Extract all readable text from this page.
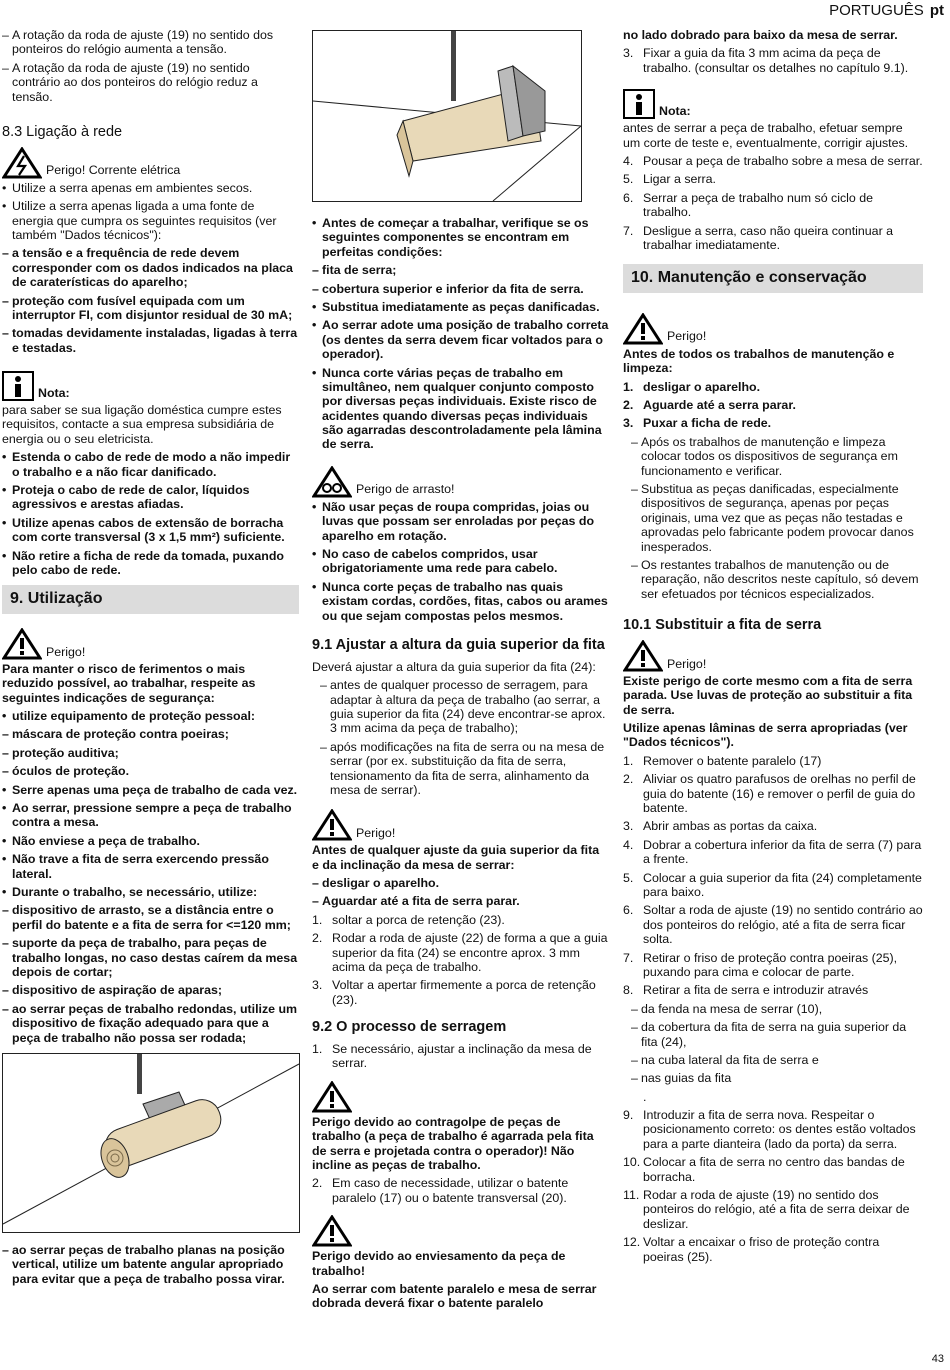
PORTUGUÊS pt
– A rotação da roda de ajuste (19) no sentido dos ponteiros do relógio aumenta a tensão.
– A rotação da roda de ajuste (19) no sentido contrário ao dos ponteiros do relógio reduz a tensão.
8.3 Ligação à rede
Perigo! Corrente elétrica
• Utilize a serra apenas em ambientes secos.
• Utilize a serra apenas ligada a uma fonte de energia que cumpra os seguintes requisitos (ver também "Dados técnicos"):
– a tensão e a frequência de rede devem corresponder com os dados indicados na placa de caraterísticas do aparelho;
– proteção com fusível equipada com um interruptor FI, com disjuntor residual de 30 mA;
– tomadas devidamente instaladas, ligadas à terra e testadas.
Nota:

para saber se sua ligação doméstica cumpre estes requisitos, contacte a sua empresa subsidiária de energia ou o seu eletricista.

• Estenda o cabo de rede de modo a não impedir o trabalho e a não ficar danificado.
• Proteja o cabo de rede de calor, líquidos agressivos e arestas afiadas.
• Utilize apenas cabos de extensão de borracha com corte transversal (3 x 1,5 mm²) suficiente.
• Não retire a ficha de rede da tomada, puxando pelo cabo de rede.
9. Utilização
Perigo!

Para manter o risco de ferimentos o mais reduzido possível, ao trabalhar, respeite as seguintes indicações de segurança:

• utilize equipamento de proteção pessoal:
– máscara de proteção contra poeiras;
– proteção auditiva;
– óculos de proteção.
• Serre apenas uma peça de trabalho de cada vez.
• Ao serrar, pressione sempre a peça de trabalho contra a mesa.
• Não enviese a peça de trabalho.
• Não trave a fita de serra exercendo pressão lateral.
• Durante o trabalho, se necessário, utilize:
– dispositivo de arrasto, se a distância entre o perfil do batente e a fita de serra for <=120 mm;
– suporte da peça de trabalho, para peças de trabalho longas, no caso destas caírem da mesa depois de cortar;
– dispositivo de aspiração de aparas;
– ao serrar peças de trabalho redondas, utilize um dispositivo de fixação adequado para que a peça de trabalho não possa ser rodada;
– ao serrar peças de trabalho planas na posição vertical, utilize um batente angular apropriado para evitar que a peça de trabalho possa virar.
• Antes de começar a trabalhar, verifique se os seguintes componentes se encontram em perfeitas condições:
– fita de serra;
– cobertura superior e inferior da fita de serra.
• Substitua imediatamente as peças danificadas.
• Ao serrar adote uma posição de trabalho correta (os dentes da serra devem ficar voltados para o operador).
• Nunca corte várias peças de trabalho em simultâneo, nem qualquer conjunto composto por diversas peças individuais. Existe risco de acidentes quando diversas peças individuais são agarradas descontroladamente pela lâmina de serra.
Perigo de arrasto!
• Não usar peças de roupa compridas, joias ou luvas que possam ser enroladas por peças do aparelho em rotação.
• No caso de cabelos compridos, usar obrigatoriamente uma rede para cabelo.
• Nunca corte peças de trabalho nas quais existam cordas, cordões, fitas, cabos ou arames ou que sejam compostas pelos mesmos.
9.1 Ajustar a altura da guia superior da fita

Deverá ajustar a altura da guia superior da fita (24):

– antes de qualquer processo de serragem, para adaptar à altura da peça de trabalho (ao serrar, a guia superior da fita (24) deve encontrar-se aprox. 3 mm acima da peça de trabalho);
– após modificações na fita de serra ou na mesa de serrar (por ex. substituição da fita de serra, tensionamento da fita de serra, alinhamento da mesa de serrar).
Perigo!

Antes de qualquer ajuste da guia superior da fita e da inclinação da mesa de serrar:

– desligar o aparelho.
– Aguardar até a fita de serra parar.
1. soltar a porca de retenção (23).
2. Rodar a roda de ajuste (22) de forma a que a guia superior da fita (24) se encontre aprox. 3 mm acima da peça de trabalho.
3. Voltar a apertar firmemente a porca de retenção (23).
9.2 O processo de serragem
1. Se necessário, ajustar a inclinação da mesa de serrar.

Perigo devido ao contragolpe de peças de trabalho (a peça de trabalho é agarrada pela fita de serra e projetada contra o operador)! Não incline as peças de trabalho.

2. Em caso de necessidade, utilizar o batente paralelo (17) ou o batente transversal (20).

Perigo devido ao enviesamento da peça de trabalho!

Ao serrar com batente paralelo e mesa de serrar dobrada deverá fixar o batente paralelo

no lado dobrado para baixo da mesa de serrar.

3. Fixar a guia da fita 3 mm acima da peça de trabalho. (consultar os detalhes no capítulo 9.1).
Nota:

antes de serrar a peça de trabalho, efetuar sempre um corte de teste e, eventualmente, corrigir ajustes.

4. Pousar a peça de trabalho sobre a mesa de serrar.
5. Ligar a serra.
6. Serrar a peça de trabalho num só ciclo de trabalho.
7. Desligue a serra, caso não queira continuar a trabalhar imediatamente.
10. Manutenção e conservação
Perigo!

Antes de todos os trabalhos de manutenção e limpeza:

1. desligar o aparelho.
2. Aguarde até a serra parar.
3. Puxar a ficha de rede.
– Após os trabalhos de manutenção e limpeza colocar todos os dispositivos de segurança em funcionamento e verificar.
– Substitua as peças danificadas, especialmente dispositivos de segurança, apenas por peças originais, uma vez que as peças não testadas e aprovadas pelo fabricante podem provocar danos inesperados.
– Os restantes trabalhos de manutenção ou de reparação, não descritos neste capítulo, só devem ser efetuados por técnicos especializados.
10.1 Substituir a fita de serra
Perigo!

Existe perigo de corte mesmo com a fita de serra parada. Use luvas de proteção ao substituir a fita de serra.

Utilize apenas lâminas de serra apropriadas (ver "Dados técnicos").

1. Remover o batente paralelo (17)
2. Aliviar os quatro parafusos de orelhas no perfil de guia do batente (16) e remover o perfil de guia do batente.
3. Abrir ambas as portas da caixa.
4. Dobrar a cobertura inferior da fita de serra (7) para a frente.
5. Colocar a guia superior da fita (24) completamente para baixo.
6. Soltar a roda de ajuste (19) no sentido contrário ao dos ponteiros do relógio, até a fita de serra ficar solta.
7. Retirar o friso de proteção contra poeiras (25), puxando para cima e colocar de parte.
8. Retirar a fita de serra e introduzir através
– da fenda na mesa de serrar (10),
– da cobertura da fita de serra na guia superior da fita (24),
– na cuba lateral da fita de serra e
– nas guias da fita
.
9. Introduzir a fita de serra nova. Respeitar o posicionamento correto: os dentes estão voltados para a parte dianteira (lado da porta) da serra.
10. Colocar a fita de serra no centro das bandas de borracha.
11. Rodar a roda de ajuste (19) no sentido dos ponteiros do relógio, até a fita de serra deixar de deslizar.
12. Voltar a encaixar o friso de proteção contra poeiras (25).
43
